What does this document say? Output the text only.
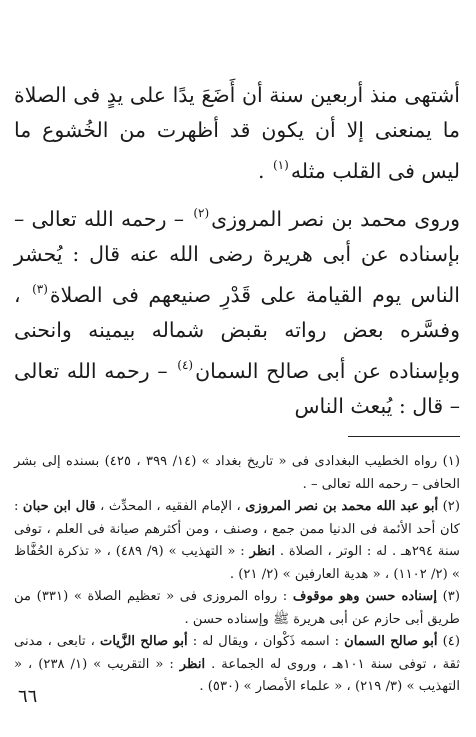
أشتهى منذ أربعين سنة أن أَضَعَ يدًا على يدٍ فى الصلاة ما يمنعنى إلا أن يكون قد أظهرت من الخُشوع ما ليس فى القلب مثله$^{(١)}$ .

وروى محمد بن نصر المروزى$^{(٢)}$ – رحمه الله تعالى – بإسناده عن أبى هريرة رضى الله عنه قال : يُحشر الناس يوم القيامة على قَدْرِ صنيعهم فى الصلاة$^{(٣)}$ ، وفسَّره بعض رواته بقبض شماله بيمينه وانحنى وبإسناده عن أبى صالح السمان$^{(٤)}$ – رحمه الله تعالى – قال : يُبعث الناس

(١) رواه الخطيب البغدادى فى « تاريخ بغداد » (١٤/ ٣٩٩ ، ٤٢٥) بسنده إلى بشر الحافى – رحمه الله تعالى – .

(٢) أبو عبد الله محمد بن نصر المروزى ، الإمام الفقيه ، المحدِّث ، قال ابن حبان : كان أحد الأئمة فى الدنيا ممن جمع ، وصنف ، ومن أكثرهم صيانة فى العلم ، توفى سنة ٢٩٤هـ . له : الوتر ، الصلاة . انظر : « التهذيب » (٩/ ٤٨٩) ، « تذكرة الحُفَّاظ » (٢/ ١١٠٢) ، « هدية العارفين » (٢/ ٢١) .

(٣) إسناده حسن وهو موقوف : رواه المروزى فى « تعظيم الصلاة » (٣٣١) من طريق أبى حازم عن أبى هريرة ﷺ وإسناده حسن .

(٤) أبو صالح السمان : اسمه ذَكْوان ، ويقال له : أبو صالح الزَّيات ، تابعى ، مدنى ثقة ، توفى سنة ١٠١هـ ، وروى له الجماعة . انظر : « التقريب » (١/ ٢٣٨) ، « التهذيب » (٣/ ٢١٩) ، « علماء الأمصار » (٥٣٠) .

٦٦
